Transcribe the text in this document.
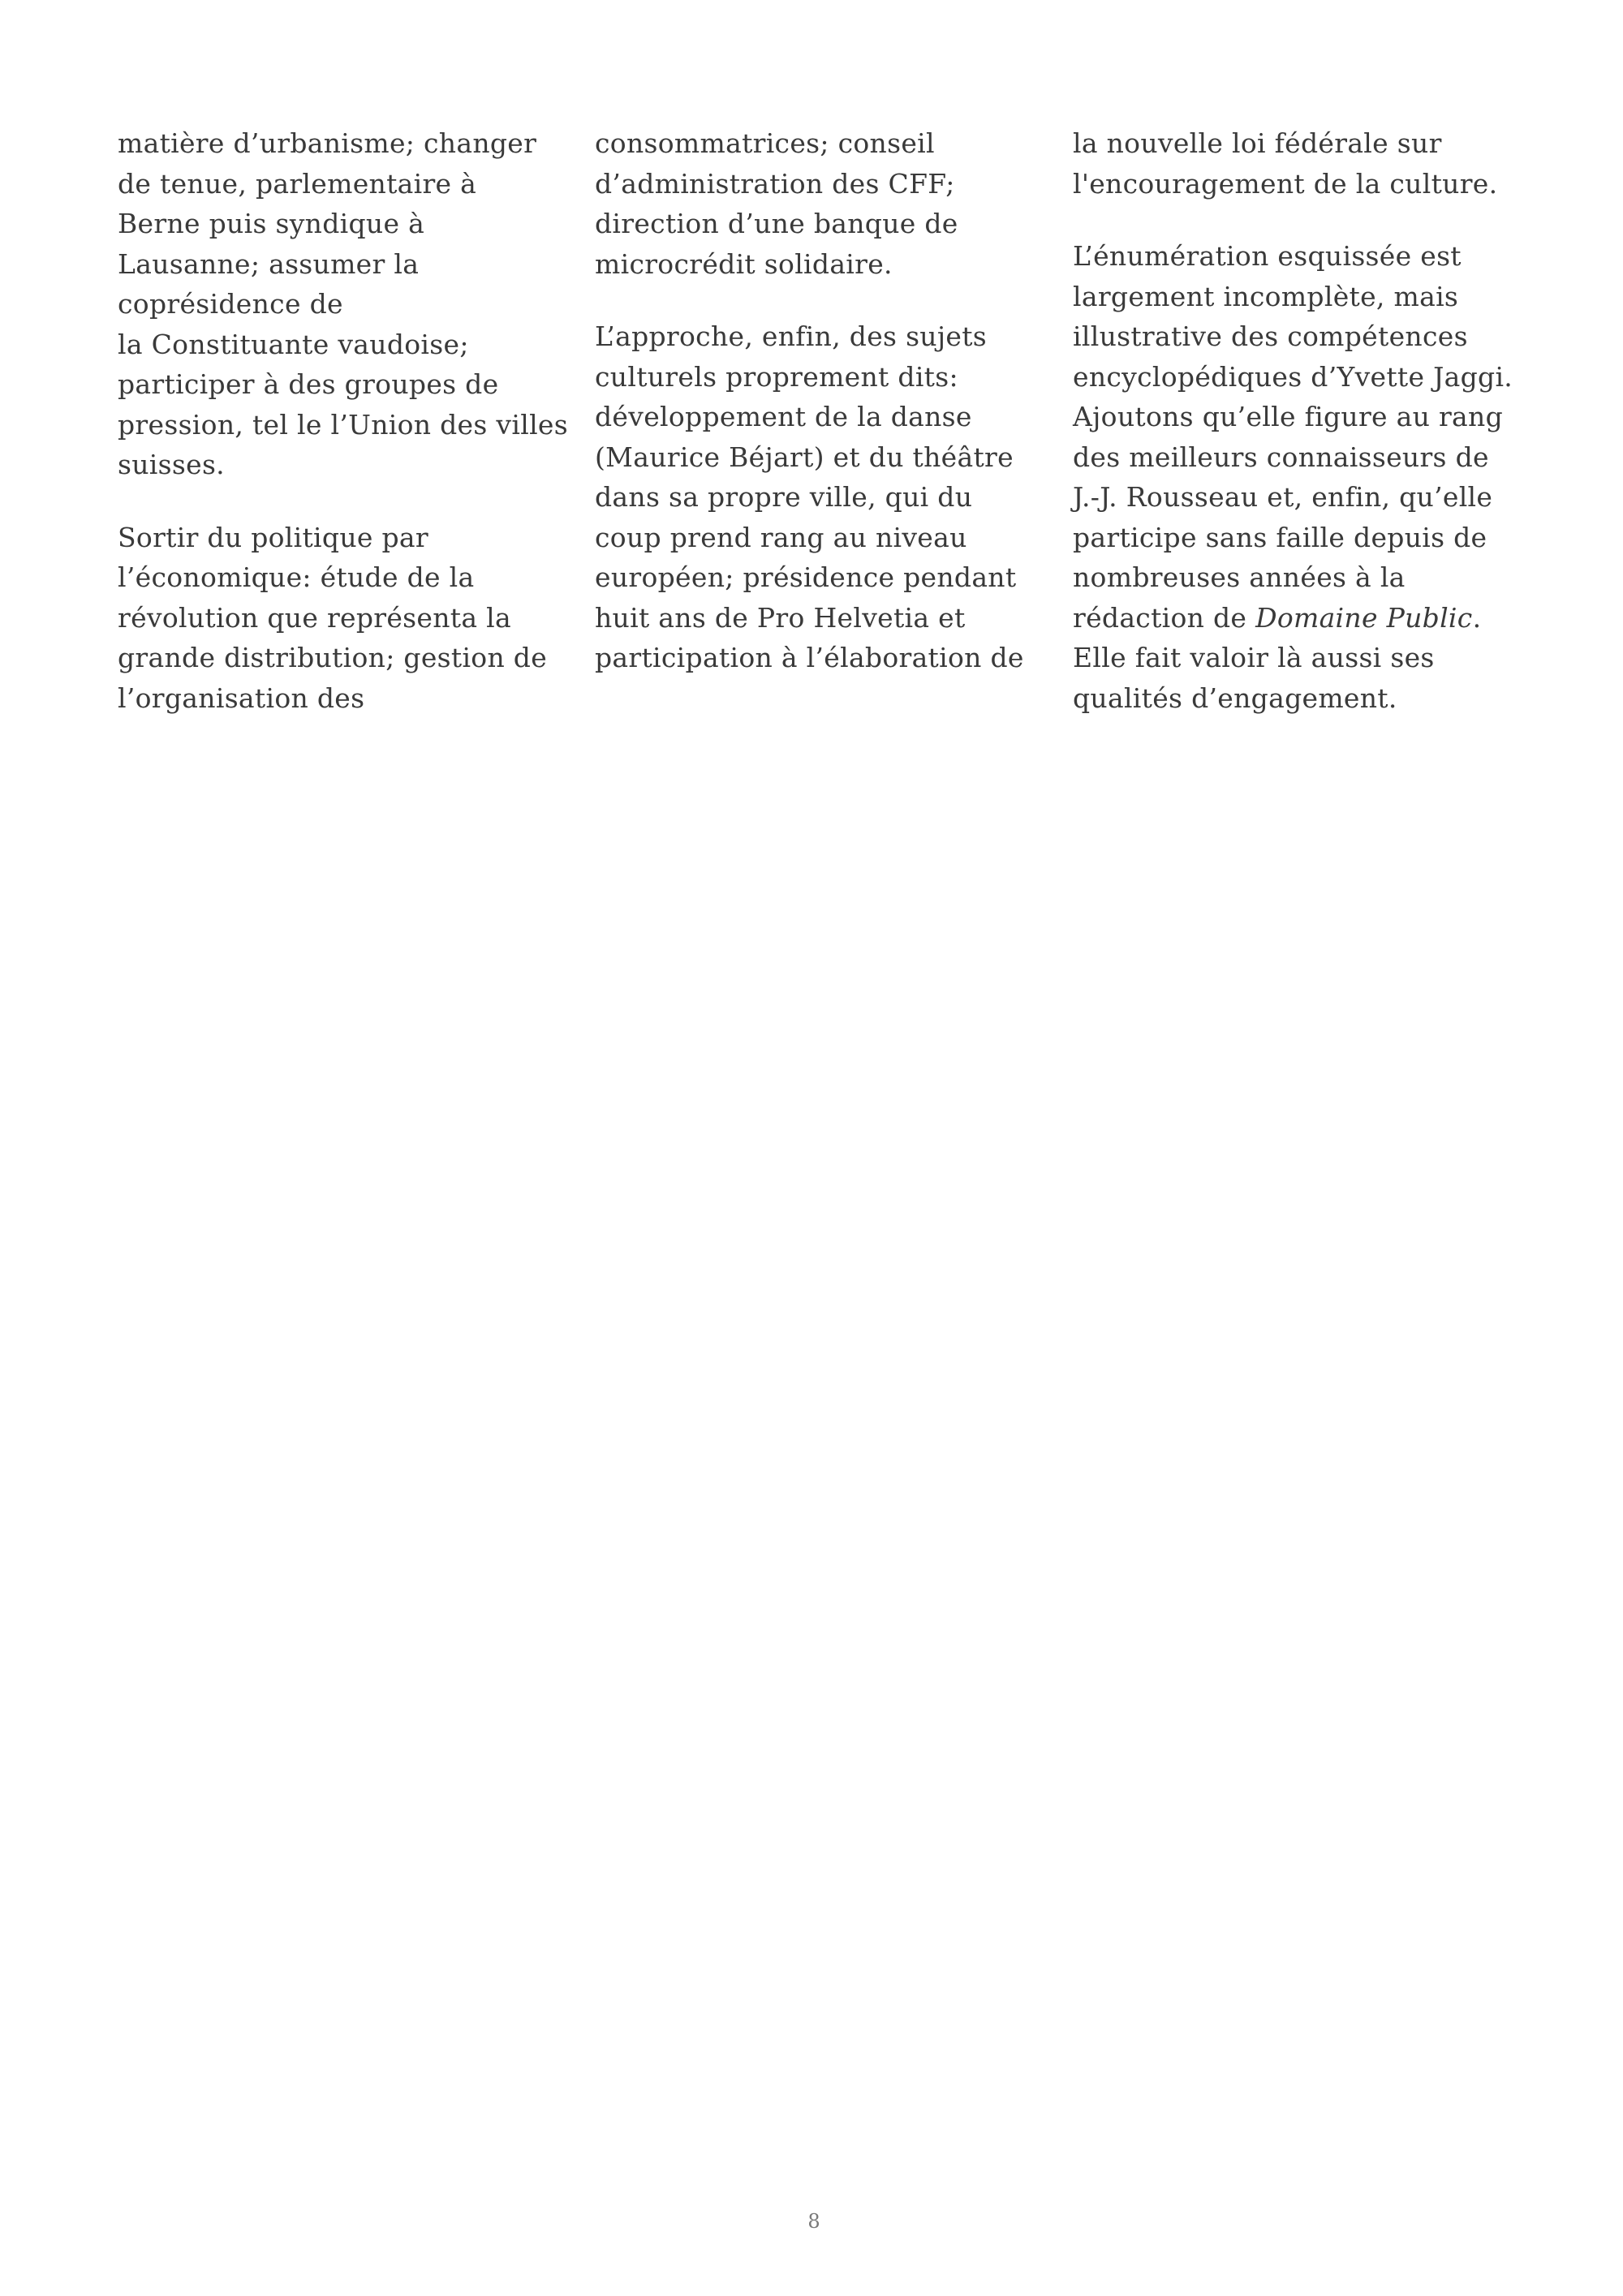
matière d’urbanisme; changer
de tenue, parlementaire à
Berne puis syndique à
Lausanne; assumer la
coprésidence de
la Constituante vaudoise;
participer à des groupes de
pression, tel le l’Union des villes
suisses.

Sortir du politique par
l’économique: étude de la
révolution que représenta la
grande distribution; gestion de
l’organisation des

consommatrices; conseil
d’administration des CFF;
direction d’une banque de
microcrédit solidaire.

L’approche, enfin, des sujets
culturels proprement dits:
développement de la danse
(Maurice Béjart) et du théâtre
dans sa propre ville, qui du
coup prend rang au niveau
européen; présidence pendant
huit ans de Pro Helvetia et
participation à l’élaboration de

la nouvelle loi fédérale sur
l'encouragement de la culture.

L’énumération esquissée est
largement incomplète, mais
illustrative des compétences
encyclopédiques d’Yvette Jaggi.
Ajoutons qu’elle figure au rang
des meilleurs connaisseurs de
J.-J. Rousseau et, enfin, qu’elle
participe sans faille depuis de
nombreuses années à la
rédaction de Domaine Public.
Elle fait valoir là aussi ses
qualités d’engagement.

8
